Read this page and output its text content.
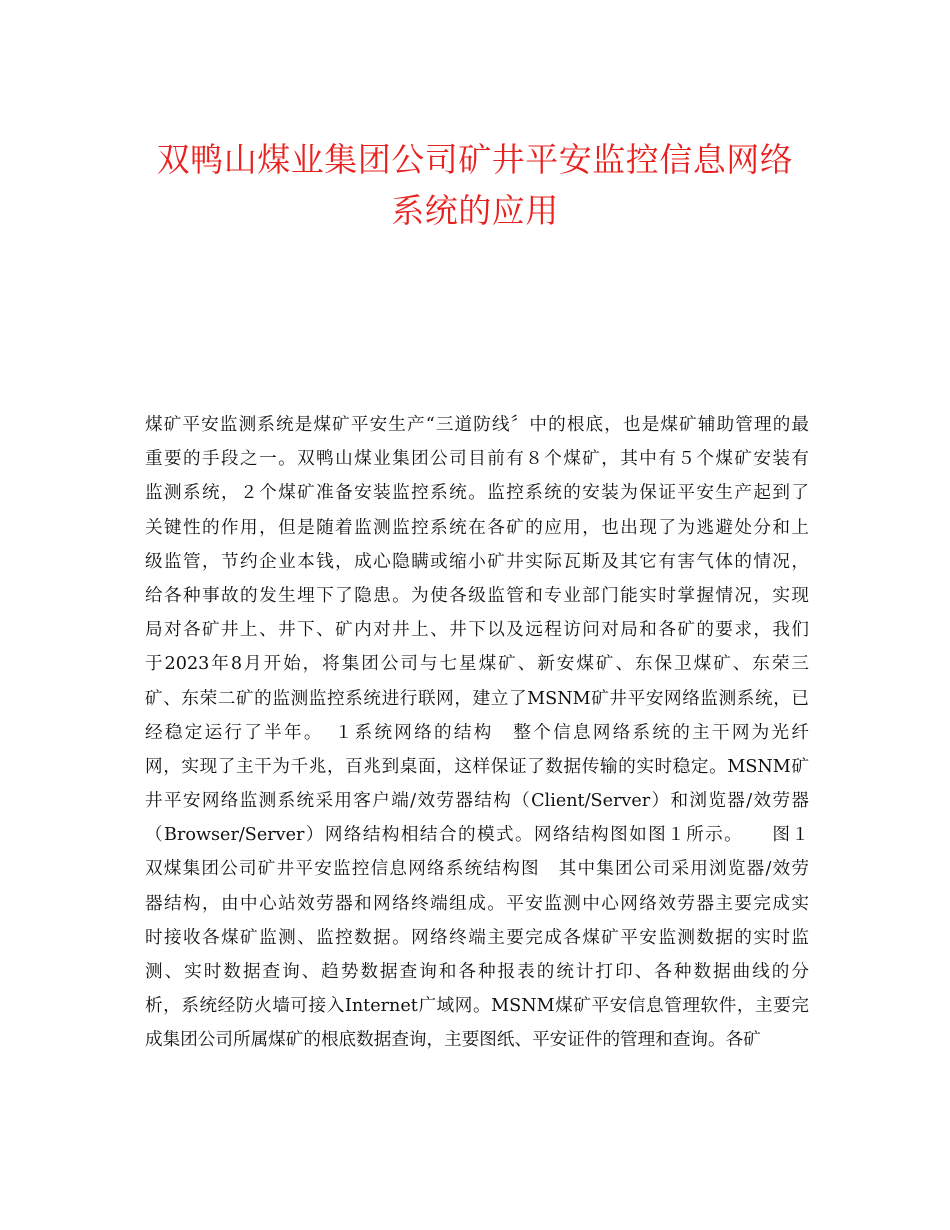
双鸭山煤业集团公司矿井平安监控信息网络
系统的应用
煤矿平安监测系统是煤矿平安生产“三道防线〞中的根底，也是煤矿辅助管理的最
重要的手段之一。双鸭山煤业集团公司目前有８个煤矿，其中有５个煤矿安装有
监测系统，２个煤矿准备安装监控系统。监控系统的安装为保证平安生产起到了
关键性的作用，但是随着监测监控系统在各矿的应用，也出现了为逃避处分和上
级监管，节约企业本钱，成心隐瞒或缩小矿井实际瓦斯及其它有害气体的情况，
给各种事故的发生埋下了隐患。为使各级监管和专业部门能实时掌握情况，实现
局对各矿井上、井下、矿内对井上、井下以及远程访问对局和各矿的要求，我们
于2023年8月开始，将集团公司与七星煤矿、新安煤矿、东保卫煤矿、东荣三
矿、东荣二矿的监测监控系统进行联网，建立了MSNM矿井平安网络监测系统，已
经稳定运行了半年。　１系统网络的结构　整个信息网络系统的主干网为光纤
网，实现了主干为千兆，百兆到桌面，这样保证了数据传输的实时稳定。MSNM矿
井平安网络监测系统采用客户端/效劳器结构（Client/Server）和浏览器/效劳器
（Browser/Server）网络结构相结合的模式。网络结构图如图１所示。　　图１
双煤集团公司矿井平安监控信息网络系统结构图　其中集团公司采用浏览器/效劳
器结构，由中心站效劳器和网络终端组成。平安监测中心网络效劳器主要完成实
时接收各煤矿监测、监控数据。网络终端主要完成各煤矿平安监测数据的实时监
测、实时数据查询、趋势数据查询和各种报表的统计打印、各种数据曲线的分
析，系统经防火墙可接入Internet广域网。MSNM煤矿平安信息管理软件，主要完
成集团公司所属煤矿的根底数据查询，主要图纸、平安证件的管理和查询。各矿
